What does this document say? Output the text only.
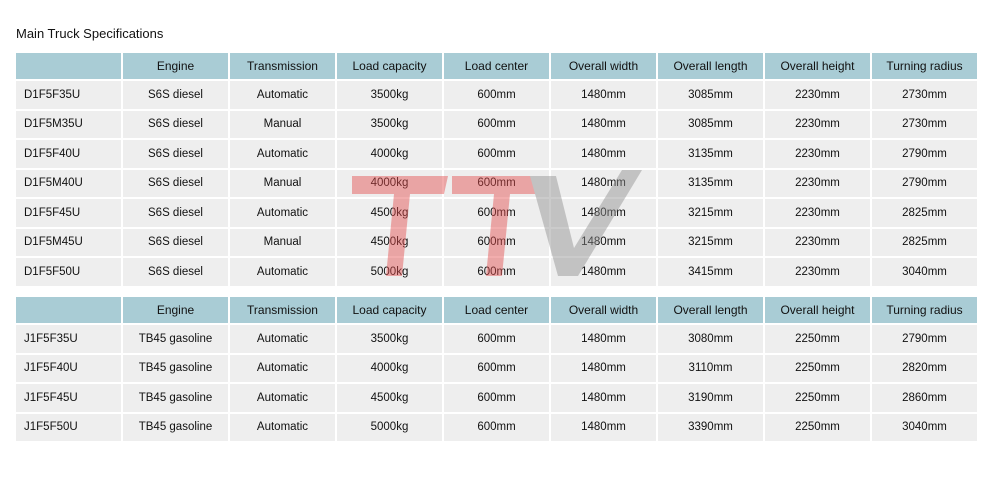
Main Truck Specifications
	Engine	Transmission	Load capacity	Load center	Overall width	Overall length	Overall height	Turning radius
D1F5F35U	S6S diesel	Automatic	3500kg	600mm	1480mm	3085mm	2230mm	2730mm
D1F5M35U	S6S diesel	Manual	3500kg	600mm	1480mm	3085mm	2230mm	2730mm
D1F5F40U	S6S diesel	Automatic	4000kg	600mm	1480mm	3135mm	2230mm	2790mm
D1F5M40U	S6S diesel	Manual	4000kg	600mm	1480mm	3135mm	2230mm	2790mm
D1F5F45U	S6S diesel	Automatic	4500kg	600mm	1480mm	3215mm	2230mm	2825mm
D1F5M45U	S6S diesel	Manual	4500kg	600mm	1480mm	3215mm	2230mm	2825mm
D1F5F50U	S6S diesel	Automatic	5000kg	600mm	1480mm	3415mm	2230mm	3040mm
	Engine	Transmission	Load capacity	Load center	Overall width	Overall length	Overall height	Turning radius
J1F5F35U	TB45 gasoline	Automatic	3500kg	600mm	1480mm	3080mm	2250mm	2790mm
J1F5F40U	TB45 gasoline	Automatic	4000kg	600mm	1480mm	3110mm	2250mm	2820mm
J1F5F45U	TB45 gasoline	Automatic	4500kg	600mm	1480mm	3190mm	2250mm	2860mm
J1F5F50U	TB45 gasoline	Automatic	5000kg	600mm	1480mm	3390mm	2250mm	3040mm
